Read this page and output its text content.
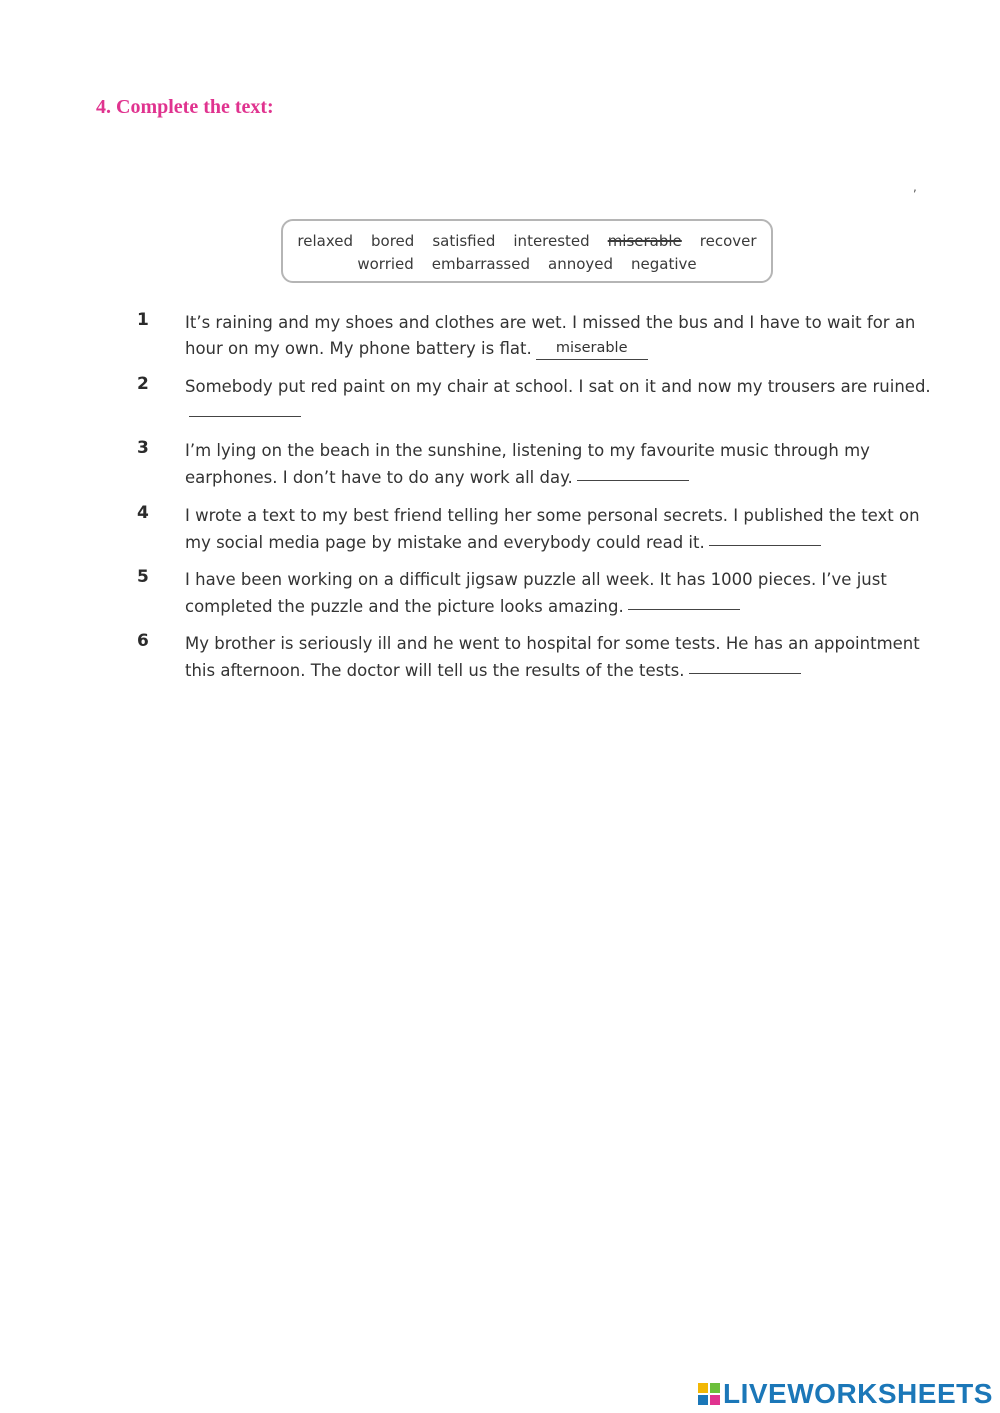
4. Complete the text:
,
relaxed bored satisfied interested miserable recover
worried embarrassed annoyed negative
1 It’s raining and my shoes and clothes are wet. I missed the bus and I have to wait for an hour on my own. My phone battery is flat. miserable
2 Somebody put red paint on my chair at school. I sat on it and now my trousers are ruined.
3 I’m lying on the beach in the sunshine, listening to my favourite music through my earphones. I don’t have to do any work all day.
4 I wrote a text to my best friend telling her some personal secrets. I published the text on my social media page by mistake and everybody could read it.
5 I have been working on a difficult jigsaw puzzle all week. It has 1000 pieces. I’ve just completed the puzzle and the picture looks amazing.
6 My brother is seriously ill and he went to hospital for some tests. He has an appointment this afternoon. The doctor will tell us the results of the tests.
LIVEWORKSHEETS
